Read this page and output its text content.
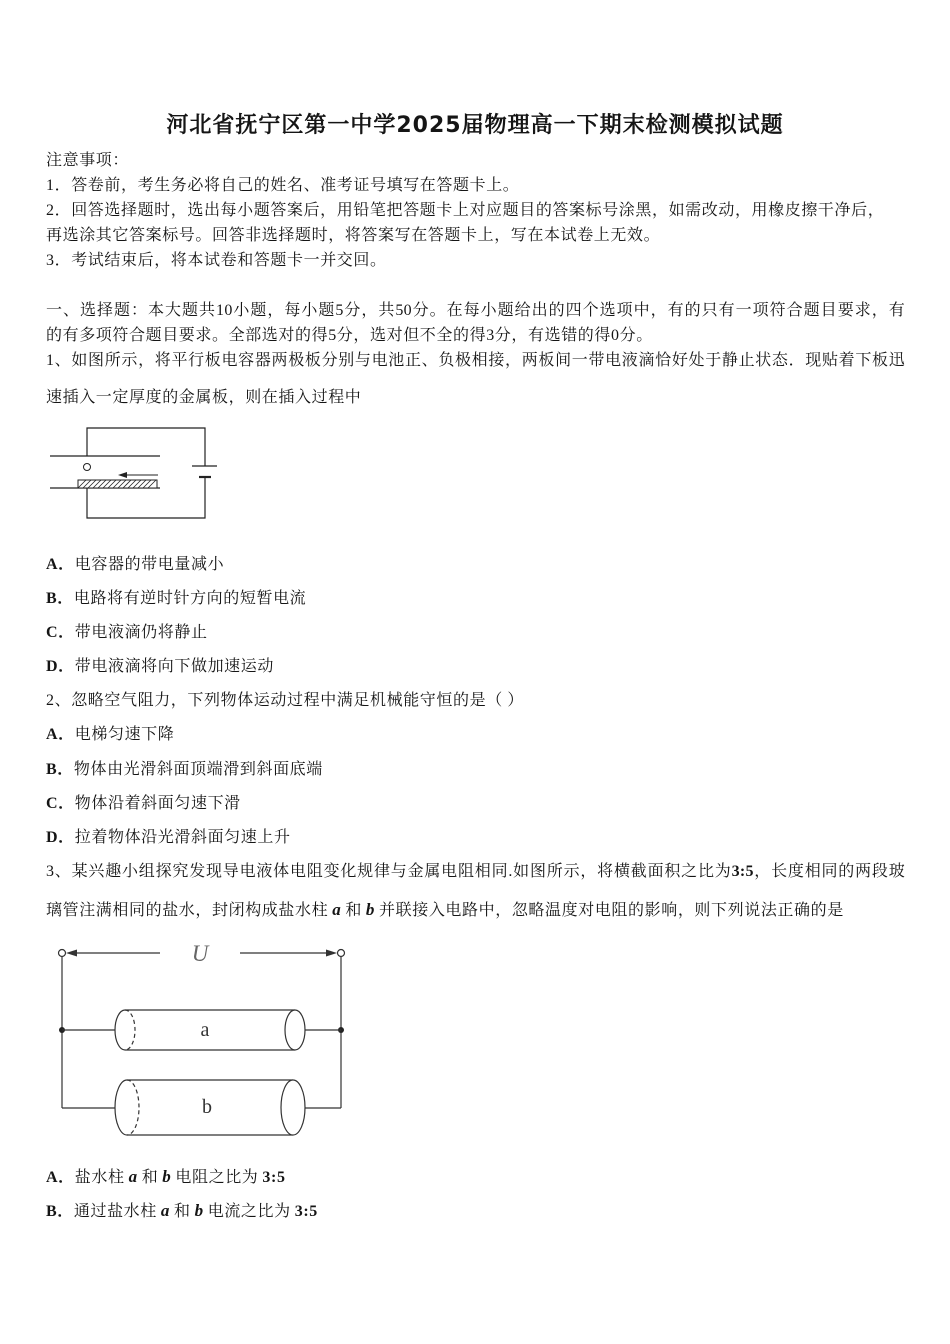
河北省抚宁区第一中学2025届物理高一下期末检测模拟试题
注意事项：
1．答卷前，考生务必将自己的姓名、准考证号填写在答题卡上。
2．回答选择题时，选出每小题答案后，用铅笔把答题卡上对应题目的答案标号涂黑，如需改动，用橡皮擦干净后，
再选涂其它答案标号。回答非选择题时，将答案写在答题卡上，写在本试卷上无效。
3．考试结束后，将本试卷和答题卡一并交回。
一、选择题：本大题共10小题，每小题5分，共50分。在每小题给出的四个选项中，有的只有一项符合题目要求，有
的有多项符合题目要求。全部选对的得5分，选对但不全的得3分，有选错的得0分。
1、如图所示，将平行板电容器两极板分别与电池正、负极相接，两板间一带电液滴恰好处于静止状态．现贴着下板迅
速插入一定厚度的金属板，则在插入过程中
A．电容器的带电量减小
B．电路将有逆时针方向的短暂电流
C．带电液滴仍将静止
D．带电液滴将向下做加速运动
2、忽略空气阻力，下列物体运动过程中满足机械能守恒的是（ ）
A．电梯匀速下降
B．物体由光滑斜面顶端滑到斜面底端
C．物体沿着斜面匀速下滑
D．拉着物体沿光滑斜面匀速上升
3、某兴趣小组探究发现导电液体电阻变化规律与金属电阻相同.如图所示，将横截面积之比为3:5，长度相同的两段玻
璃管注满相同的盐水，封闭构成盐水柱 a 和 b 并联接入电路中，忽略温度对电阻的影响，则下列说法正确的是
U
a
b
A．盐水柱 a 和 b 电阻之比为 3:5
B．通过盐水柱 a 和 b 电流之比为 3:5
